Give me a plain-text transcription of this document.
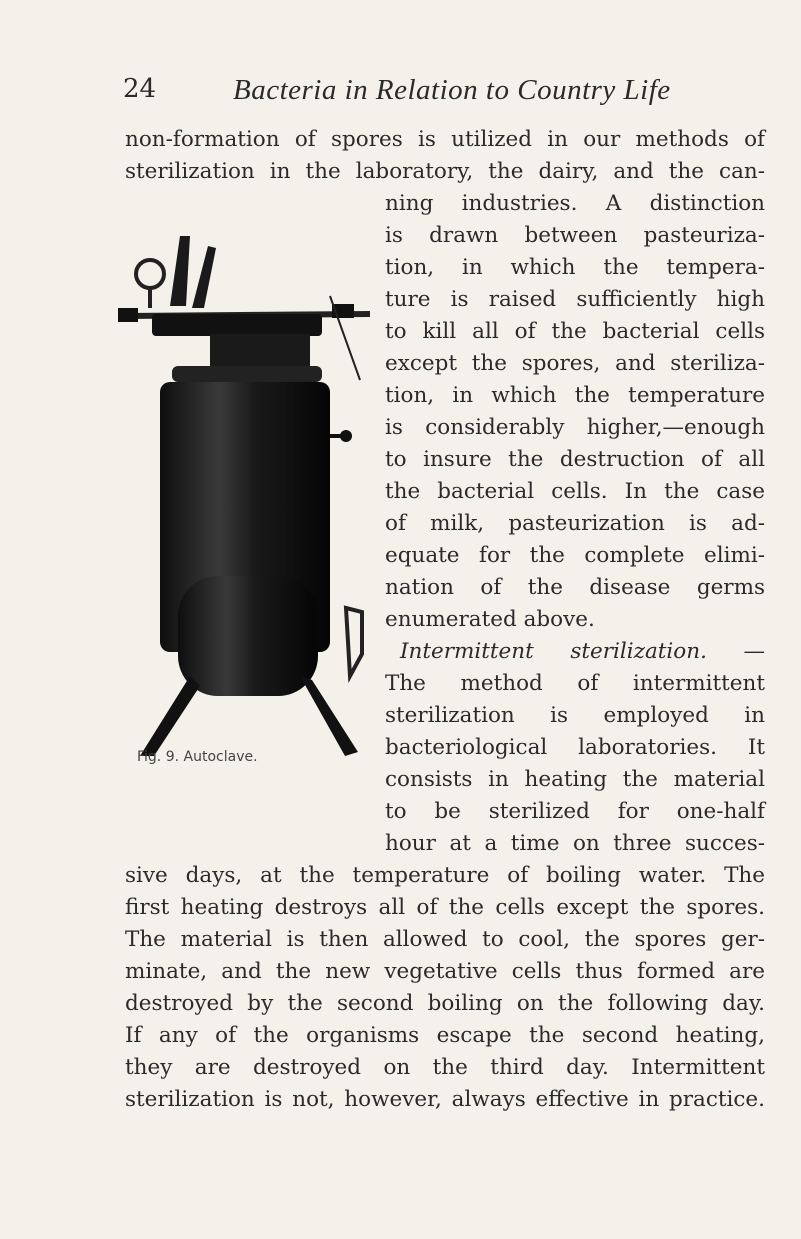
24	Bacteria in Relation to Country Life
non-formation of spores is utilized in our methods of
sterilization in the laboratory, the dairy, and the can-
ning industries. A distinction
is drawn between pasteuriza-
tion, in which the tempera-
ture is raised sufficiently high
to kill all of the bacterial cells
except the spores, and steriliza-
tion, in which the temperature
is considerably higher,—enough
to insure the destruction of all
the bacterial cells. In the case
of milk, pasteurization is ad-
equate for the complete elimi-
nation of the disease germs
enumerated above.
Intermittent sterilization. —
The method of intermittent
sterilization is employed in
bacteriological laboratories. It
consists in heating the material
to be sterilized for one-half
hour at a time on three succes-
Fig. 9. Autoclave.
sive days, at the temperature of boiling water. The
first heating destroys all of the cells except the spores.
The material is then allowed to cool, the spores ger-
minate, and the new vegetative cells thus formed are
destroyed by the second boiling on the following day.
If any of the organisms escape the second heating,
they are destroyed on the third day. Intermittent
sterilization is not, however, always effective in practice.
